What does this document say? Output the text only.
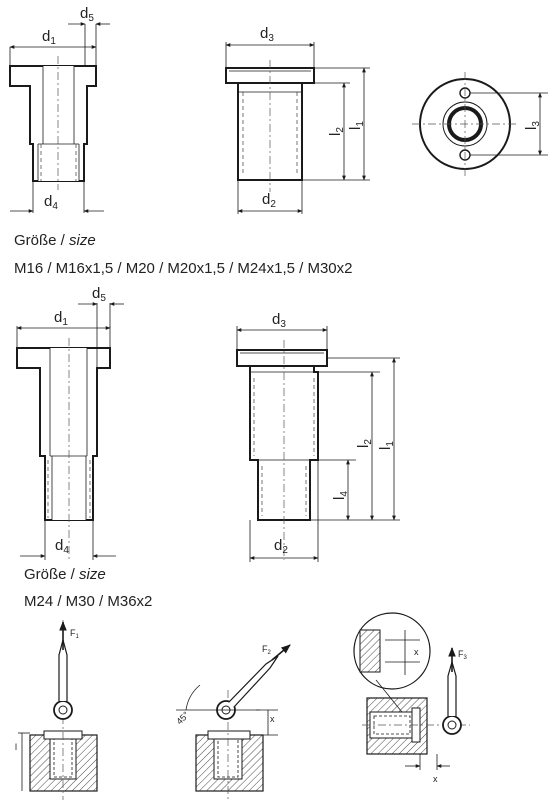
$d_1$
$d_5$
$d_4$
$d_3$
$d_2$
$l_2$ $l_1$
$l_3$
$d_1$
$d_5$
$d_4$
$d_3$
$d_2$
$l_1$
$l_2$
$l_4$
$F_1$
l
$F_2$
45°	x
$F_3$
x
x
Größe / size
M16 / M16x1,5 / M20 / M20x1,5 / M24x1,5 / M30x2
Größe / size
M24 / M30 / M36x2
